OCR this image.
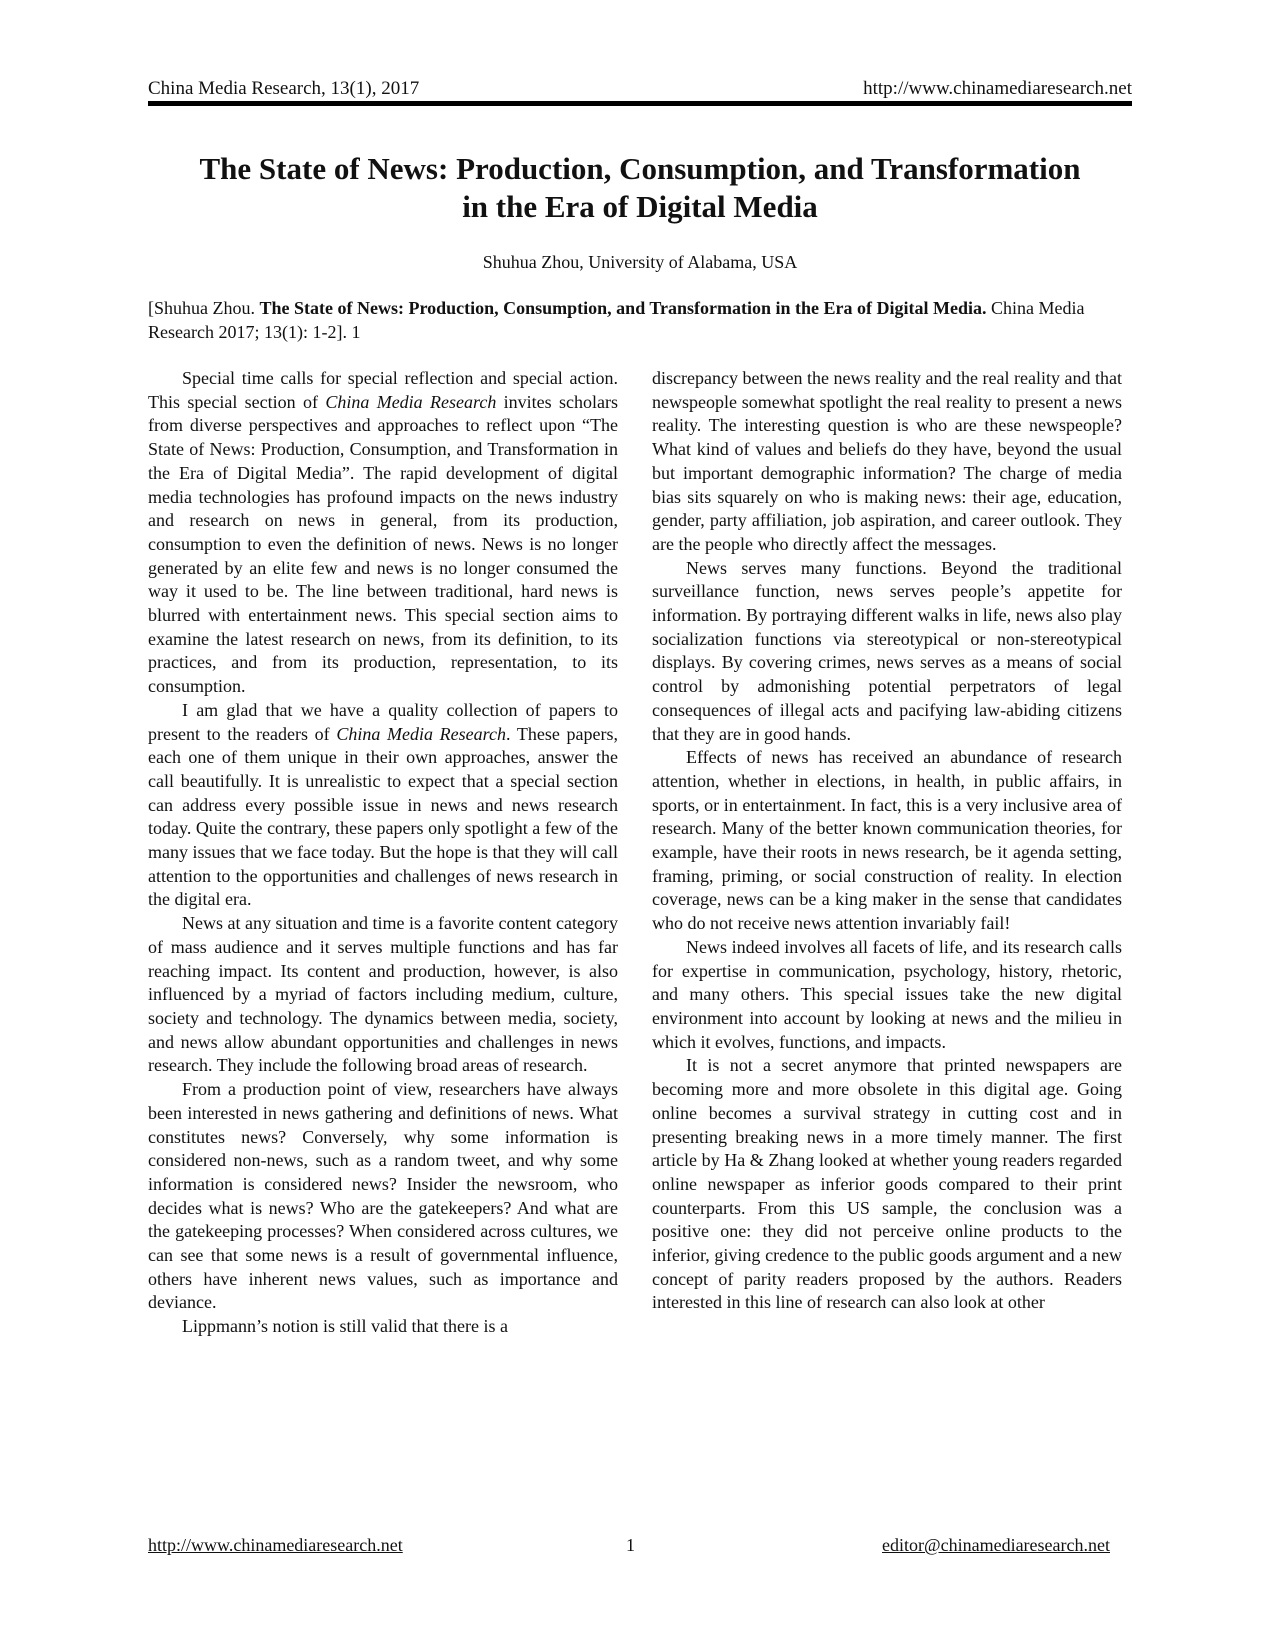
China Media Research, 13(1), 2017	http://www.chinamediaresearch.net
The State of News: Production, Consumption, and Transformation
in the Era of Digital Media
Shuhua Zhou, University of Alabama, USA
[Shuhua Zhou. The State of News: Production, Consumption, and Transformation in the Era of Digital Media. China Media Research 2017; 13(1): 1-2]. 1

Special time calls for special reflection and special action. This special section of China Media Research invites scholars from diverse perspectives and approaches to reflect upon “The State of News: Production, Consumption, and Transformation in the Era of Digital Media”. The rapid development of digital media technologies has profound impacts on the news industry and research on news in general, from its production, consumption to even the definition of news. News is no longer generated by an elite few and news is no longer consumed the way it used to be. The line between traditional, hard news is blurred with entertainment news. This special section aims to examine the latest research on news, from its definition, to its practices, and from its production, representation, to its consumption.

I am glad that we have a quality collection of papers to present to the readers of China Media Research. These papers, each one of them unique in their own approaches, answer the call beautifully. It is unrealistic to expect that a special section can address every possible issue in news and news research today. Quite the contrary, these papers only spotlight a few of the many issues that we face today. But the hope is that they will call attention to the opportunities and challenges of news research in the digital era.

News at any situation and time is a favorite content category of mass audience and it serves multiple functions and has far reaching impact. Its content and production, however, is also influenced by a myriad of factors including medium, culture, society and technology. The dynamics between media, society, and news allow abundant opportunities and challenges in news research. They include the following broad areas of research.

From a production point of view, researchers have always been interested in news gathering and definitions of news. What constitutes news? Conversely, why some information is considered non-news, such as a random tweet, and why some information is considered news? Insider the newsroom, who decides what is news? Who are the gatekeepers? And what are the gatekeeping processes? When considered across cultures, we can see that some news is a result of governmental influence, others have inherent news values, such as importance and deviance.

Lippmann’s notion is still valid that there is a

discrepancy between the news reality and the real reality and that newspeople somewhat spotlight the real reality to present a news reality. The interesting question is who are these newspeople? What kind of values and beliefs do they have, beyond the usual but important demographic information? The charge of media bias sits squarely on who is making news: their age, education, gender, party affiliation, job aspiration, and career outlook. They are the people who directly affect the messages.

News serves many functions. Beyond the traditional surveillance function, news serves people’s appetite for information. By portraying different walks in life, news also play socialization functions via stereotypical or non-stereotypical displays. By covering crimes, news serves as a means of social control by admonishing potential perpetrators of legal consequences of illegal acts and pacifying law-abiding citizens that they are in good hands.

Effects of news has received an abundance of research attention, whether in elections, in health, in public affairs, in sports, or in entertainment. In fact, this is a very inclusive area of research. Many of the better known communication theories, for example, have their roots in news research, be it agenda setting, framing, priming, or social construction of reality. In election coverage, news can be a king maker in the sense that candidates who do not receive news attention invariably fail!

News indeed involves all facets of life, and its research calls for expertise in communication, psychology, history, rhetoric, and many others. This special issues take the new digital environment into account by looking at news and the milieu in which it evolves, functions, and impacts.

It is not a secret anymore that printed newspapers are becoming more and more obsolete in this digital age. Going online becomes a survival strategy in cutting cost and in presenting breaking news in a more timely manner. The first article by Ha & Zhang looked at whether young readers regarded online newspaper as inferior goods compared to their print counterparts. From this US sample, the conclusion was a positive one: they did not perceive online products to the inferior, giving credence to the public goods argument and a new concept of parity readers proposed by the authors. Readers interested in this line of research can also look at other

http://www.chinamediaresearch.net	1	editor@chinamediaresearch.net
